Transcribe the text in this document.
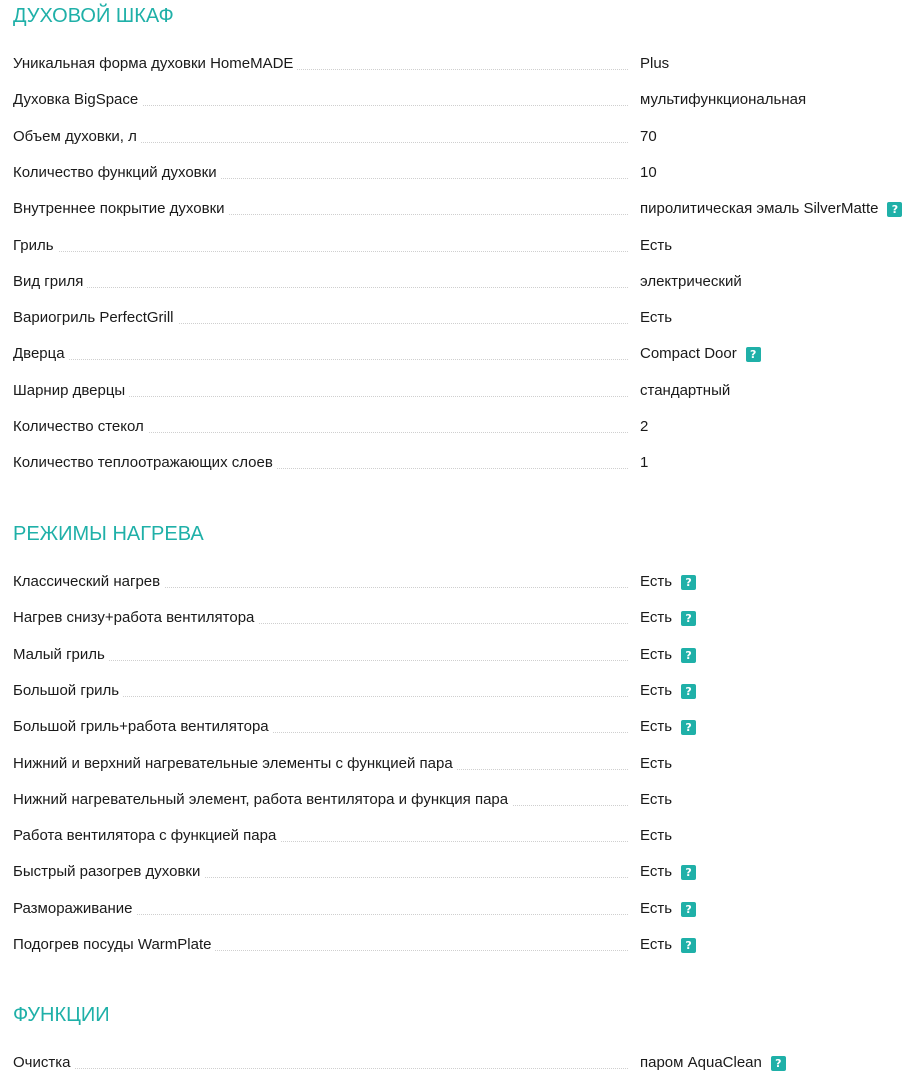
ДУХОВОЙ ШКАФ
Уникальная форма духовки HomeMADE	Plus
Духовка BigSpace	мультифункциональная
Объем духовки, л	70
Количество функций духовки	10
Внутреннее покрытие духовки	пиролитическая эмаль SilverMatte	?
Гриль	Есть
Вид гриля	электрический
Вариогриль PerfectGrill	Есть
Дверца	Compact Door	?
Шарнир дверцы	стандартный
Количество стекол	2
Количество теплоотражающих слоев	1
РЕЖИМЫ НАГРЕВА
Классический нагрев	Есть	?
Нагрев снизу+работа вентилятора	Есть	?
Малый гриль	Есть	?
Большой гриль	Есть	?
Большой гриль+работа вентилятора	Есть	?
Нижний и верхний нагревательные элементы с функцией пара	Есть
Нижний нагревательный элемент, работа вентилятора и функция пара	Есть
Работа вентилятора с функцией пара	Есть
Быстрый разогрев духовки	Есть	?
Размораживание	Есть	?
Подогрев посуды WarmPlate	Есть	?
ФУНКЦИИ
Очистка	паром AquaClean	?
